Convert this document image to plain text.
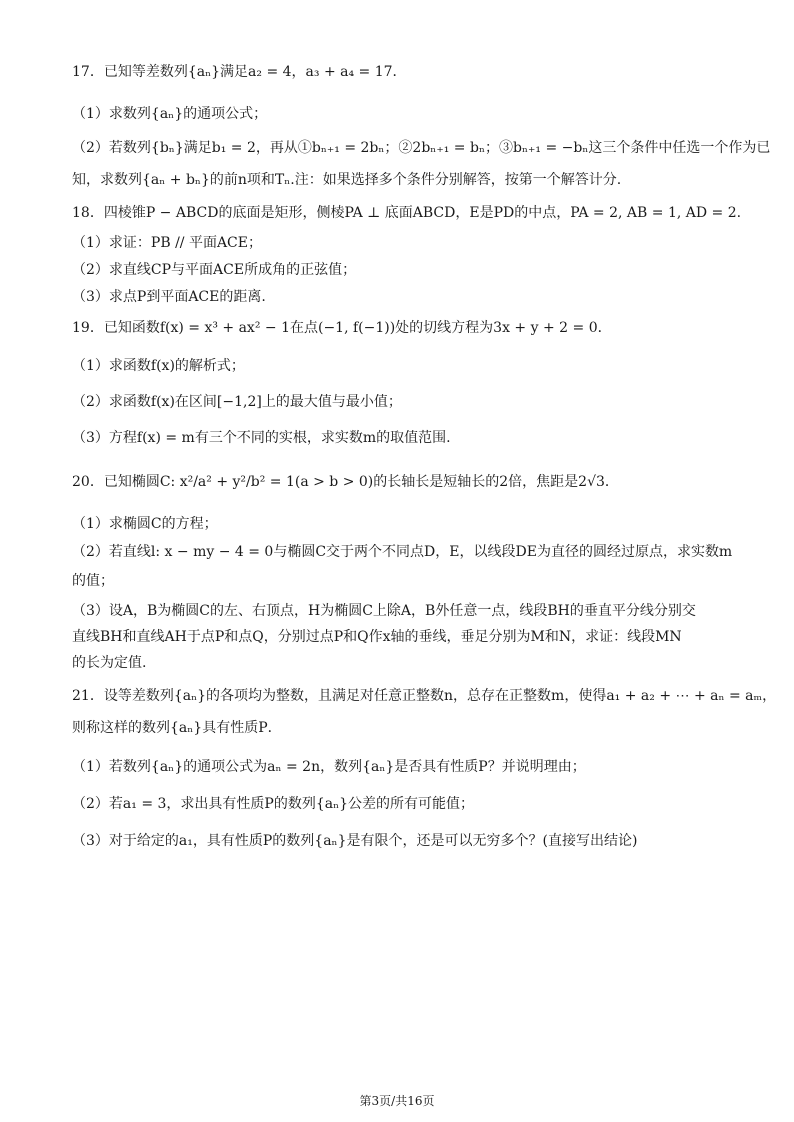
17．已知等差数列{aₙ}满足a₂ = 4，a₃ + a₄ = 17．
（1）求数列{aₙ}的通项公式；
（2）若数列{bₙ}满足b₁ = 2，再从①bₙ₊₁ = 2bₙ；②2bₙ₊₁ = bₙ；③bₙ₊₁ = −bₙ这三个条件中任选一个作为已
知，求数列{aₙ + bₙ}的前n项和Tₙ.注：如果选择多个条件分别解答，按第一个解答计分.
18．四棱锥P − ABCD的底面是矩形，侧棱PA ⊥ 底面ABCD，E是PD的中点，PA = 2, AB = 1, AD = 2.
（1）求证：PB // 平面ACE；
（2）求直线CP与平面ACE所成角的正弦值；
（3）求点P到平面ACE的距离.
19．已知函数f(x) = x³ + ax² − 1在点(−1, f(−1))处的切线方程为3x + y + 2 = 0．
（1）求函数f(x)的解析式；
（2）求函数f(x)在区间[−1,2]上的最大值与最小值；
（3）方程f(x) = m有三个不同的实根，求实数m的取值范围.
20．已知椭圆C: x²/a² + y²/b² = 1(a > b > 0)的长轴长是短轴长的2倍，焦距是2√3．
（1）求椭圆C的方程；
（2）若直线l: x − my − 4 = 0与椭圆C交于两个不同点D，E，以线段DE为直径的圆经过原点，求实数m
的值；
（3）设A，B为椭圆C的左、右顶点，H为椭圆C上除A，B外任意一点，线段BH的垂直平分线分别交
直线BH和直线AH于点P和点Q，分别过点P和Q作x轴的垂线，垂足分别为M和N，求证：线段MN
的长为定值.
21．设等差数列{aₙ}的各项均为整数，且满足对任意正整数n，总存在正整数m，使得a₁ + a₂ + ⋯ + aₙ = aₘ，
则称这样的数列{aₙ}具有性质P．
（1）若数列{aₙ}的通项公式为aₙ = 2n，数列{aₙ}是否具有性质P？并说明理由；
（2）若a₁ = 3，求出具有性质P的数列{aₙ}公差的所有可能值；
（3）对于给定的a₁，具有性质P的数列{aₙ}是有限个，还是可以无穷多个？(直接写出结论)
第3页/共16页
